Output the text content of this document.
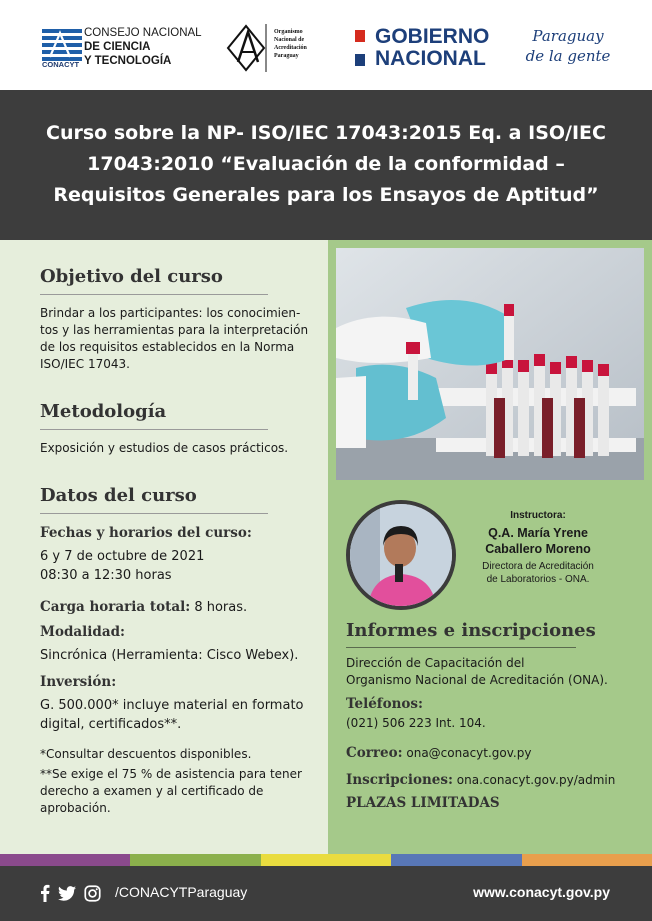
CONSEJO NACIONAL
DE CIENCIA
Y TECNOLOGÍA
CONACYT
Organismo
Nacional de
Acreditación
Paraguay
GOBIERNO
NACIONAL
Paraguay
de la gente
Curso sobre la NP- ISO/IEC 17043:2015 Eq. a ISO/IEC
17043:2010 “Evaluación de la conformidad –
Requisitos Generales para los Ensayos de Aptitud”
Objetivo del curso
Brindar a los participantes: los conocimien-
tos y las herramientas para la interpretación
de los requisitos establecidos en la Norma
ISO/IEC 17043.
Metodología
Exposición y estudios de casos prácticos.
Datos del curso
Fechas y horarios del curso:
6 y 7 de octubre de 2021
08:30 a 12:30 horas
Carga horaria total: 8 horas.
Modalidad:
Sincrónica (Herramienta: Cisco Webex).
Inversión:
G. 500.000* incluye material en formato
digital, certificados**.
*Consultar descuentos disponibles.
**Se exige el 75 % de asistencia para tener
derecho a examen y al certificado de
aprobación.
Instructora:
Q.A. María Yrene
Caballero Moreno
Directora de Acreditación
de Laboratorios - ONA.
Informes e inscripciones
Dirección de Capacitación del
Organismo Nacional de Acreditación (ONA).
Teléfonos:
(021) 506 223 Int. 104.
Correo: ona@conacyt.gov.py
Inscripciones: ona.conacyt.gov.py/admin
PLAZAS LIMITADAS
/CONACYTParaguay	www.conacyt.gov.py
